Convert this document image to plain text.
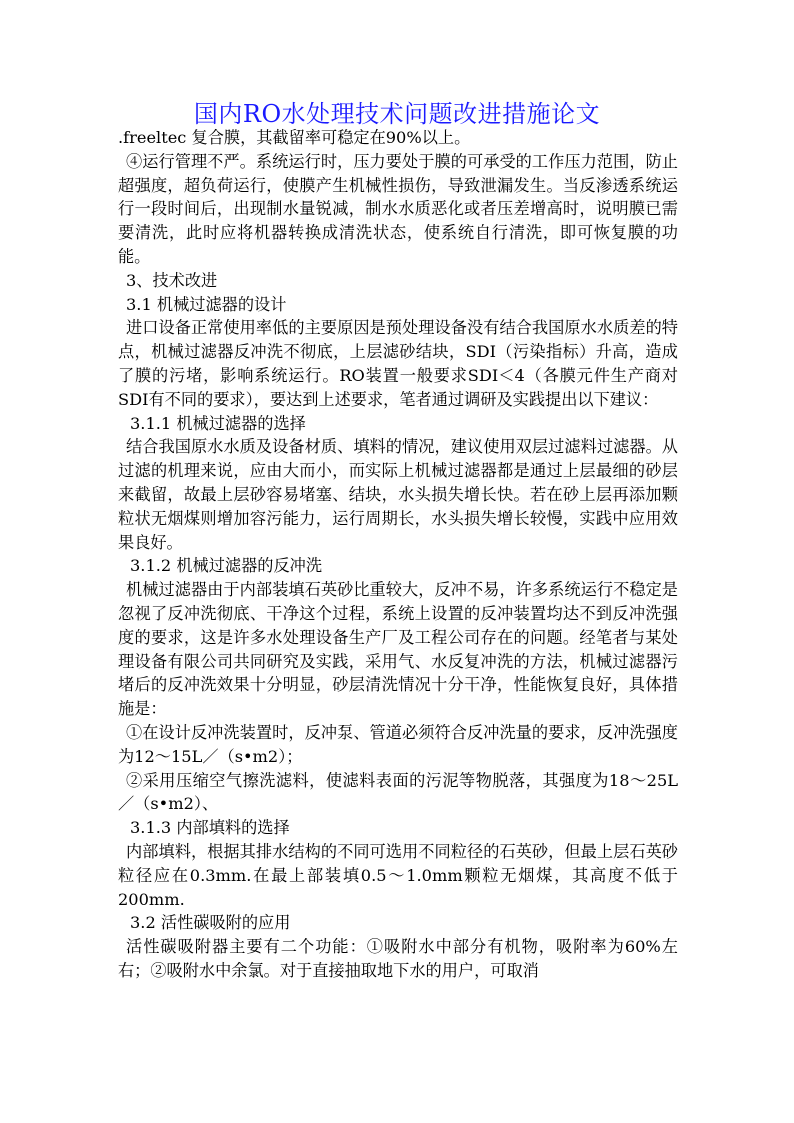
国内RO水处理技术问题改进措施论文

.freeltec 复合膜，其截留率可稳定在90%以上。

④运行管理不严。系统运行时，压力要处于膜的可承受的工作压力范围，防止超强度，超负荷运行，使膜产生机械性损伤，导致泄漏发生。当反渗透系统运行一段时间后，出现制水量锐减，制水水质恶化或者压差增高时，说明膜已需要清洗，此时应将机器转换成清洗状态，使系统自行清洗，即可恢复膜的功能。

3、技术改进

3.1 机械过滤器的设计

进口设备正常使用率低的主要原因是预处理设备没有结合我国原水水质差的特点，机械过滤器反冲洗不彻底，上层滤砂结块，SDI（污染指标）升高，造成了膜的污堵，影响系统运行。RO装置一般要求SDI＜4（各膜元件生产商对SDI有不同的要求），要达到上述要求，笔者通过调研及实践提出以下建议：

3.1.1 机械过滤器的选择

结合我国原水水质及设备材质、填料的情况，建议使用双层过滤料过滤器。从过滤的机理来说，应由大而小，而实际上机械过滤器都是通过上层最细的砂层来截留，故最上层砂容易堵塞、结块，水头损失增长快。若在砂上层再添加颗粒状无烟煤则增加容污能力，运行周期长，水头损失增长较慢，实践中应用效果良好。

3.1.2 机械过滤器的反冲洗

机械过滤器由于内部装填石英砂比重较大，反冲不易，许多系统运行不稳定是忽视了反冲洗彻底、干净这个过程，系统上设置的反冲装置均达不到反冲洗强度的要求，这是许多水处理设备生产厂及工程公司存在的问题。经笔者与某处理设备有限公司共同研究及实践，采用气、水反复冲洗的方法，机械过滤器污堵后的反冲洗效果十分明显，砂层清洗情况十分干净，性能恢复良好，具体措施是：

①在设计反冲洗装置时，反冲泵、管道必须符合反冲洗量的要求，反冲洗强度为12～15L／（s•m2）；

②采用压缩空气擦洗滤料，使滤料表面的污泥等物脱落，其强度为18～25L／（s•m2）、

3.1.3 内部填料的选择

内部填料，根据其排水结构的不同可选用不同粒径的石英砂，但最上层石英砂粒径应在0.3mm.在最上部装填0.5～1.0mm颗粒无烟煤，其高度不低于200mm.

3.2 活性碳吸附的应用

活性碳吸附器主要有二个功能：①吸附水中部分有机物，吸附率为60%左右；②吸附水中余氯。对于直接抽取地下水的用户，可取消
